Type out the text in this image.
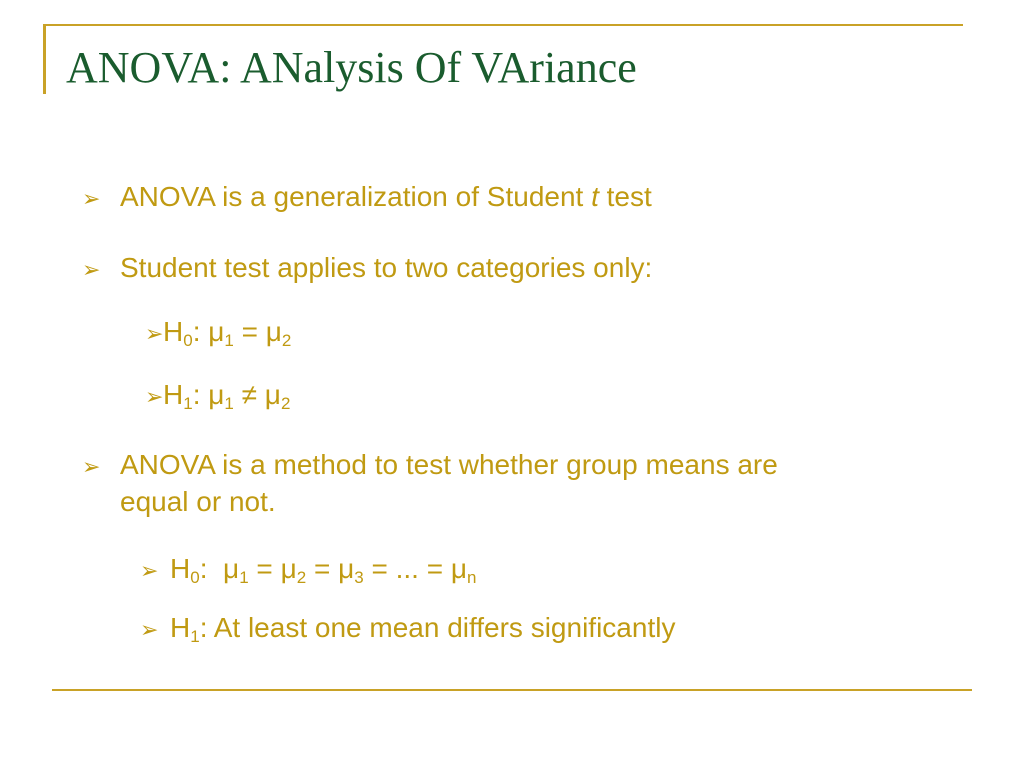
ANOVA: ANalysis Of VAriance
➢ ANOVA is a generalization of Student t test
➢ Student test applies to two categories only:
$➢H_0$: $\mu_1 = \mu_2$
$➢H_1$: $\mu_1 \ne \mu_2$
➢ ANOVA is a method to test whether group means are
equal or not.
➢ $H_0$:  $\mu_1 = \mu_2 = \mu_3$ = ... = $\mu_n$
➢ $H_1$: At least one mean differs significantly
